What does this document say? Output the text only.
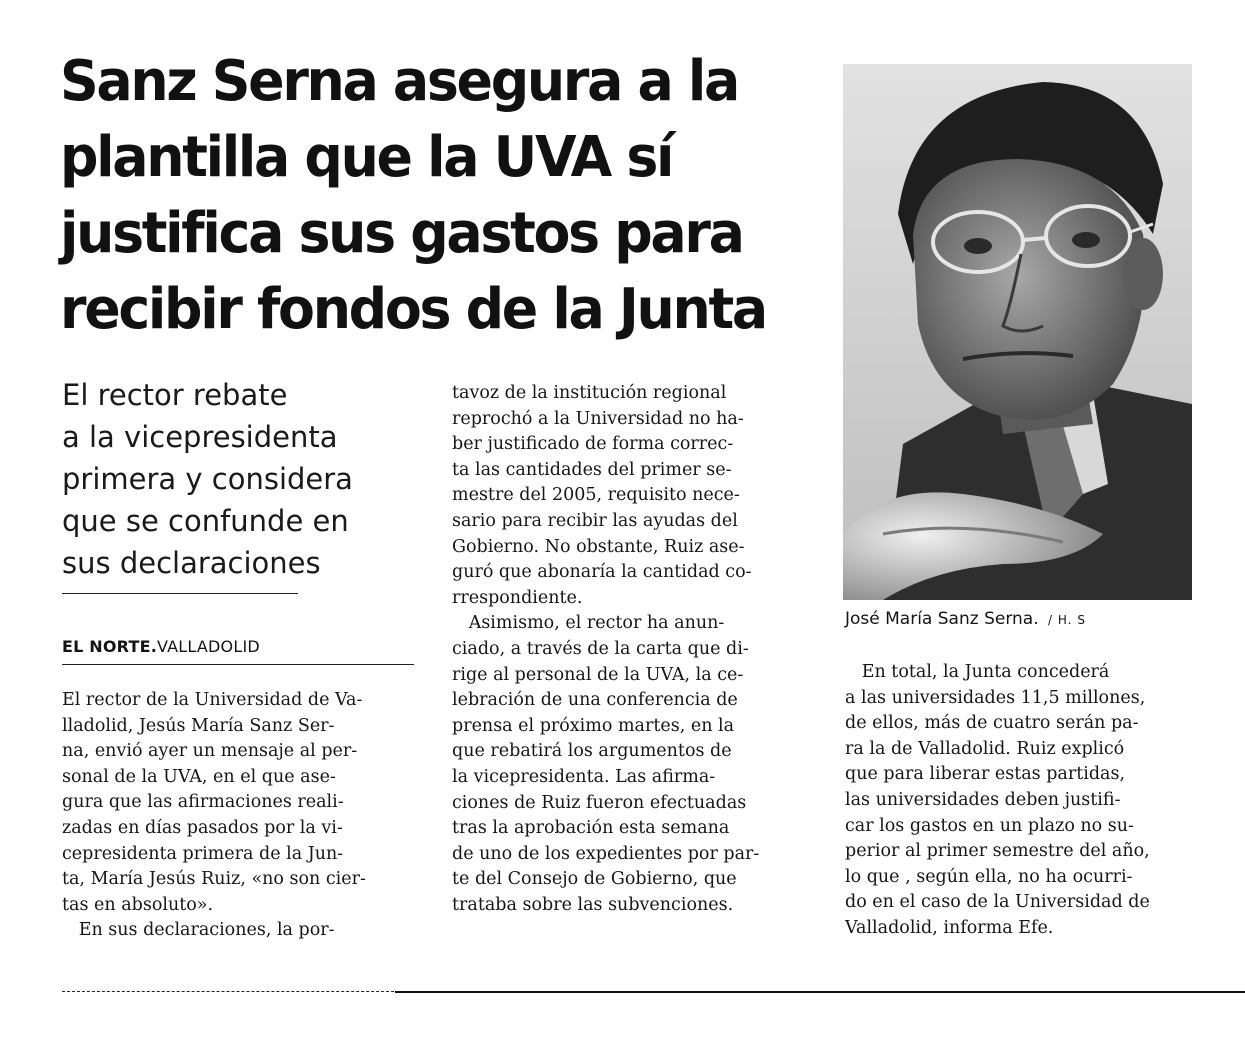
Sanz Serna asegura a la
plantilla que la UVA sí
justifica sus gastos para
recibir fondos de la Junta
José María Sanz Serna. / H. S
El rector rebate
a la vicepresidenta
primera y considera
que se confunde en
sus declaraciones
EL NORTE.VALLADOLID
El rector de la Universidad de Va-
lladolid, Jesús María Sanz Ser-
na, envió ayer un mensaje al per-
sonal de la UVA, en el que ase-
gura que las afirmaciones reali-
zadas en días pasados por la vi-
cepresidenta primera de la Jun-
ta, María Jesús Ruiz, «no son cier-
tas en absoluto».
En sus declaraciones, la por-
tavoz de la institución regional
reprochó a la Universidad no ha-
ber justificado de forma correc-
ta las cantidades del primer se-
mestre del 2005, requisito nece-
sario para recibir las ayudas del
Gobierno. No obstante, Ruiz ase-
guró que abonaría la cantidad co-
rrespondiente.
Asimismo, el rector ha anun-
ciado, a través de la carta que di-
rige al personal de la UVA, la ce-
lebración de una conferencia de
prensa el próximo martes, en la
que rebatirá los argumentos de
la vicepresidenta. Las afirma-
ciones de Ruiz fueron efectuadas
tras la aprobación esta semana
de uno de los expedientes por par-
te del Consejo de Gobierno, que
trataba sobre las subvenciones.
En total, la Junta concederá
a las universidades 11,5 millones,
de ellos, más de cuatro serán pa-
ra la de Valladolid. Ruiz explicó
que para liberar estas partidas,
las universidades deben justifi-
car los gastos en un plazo no su-
perior al primer semestre del año,
lo que , según ella, no ha ocurri-
do en el caso de la Universidad de
Valladolid, informa Efe.
